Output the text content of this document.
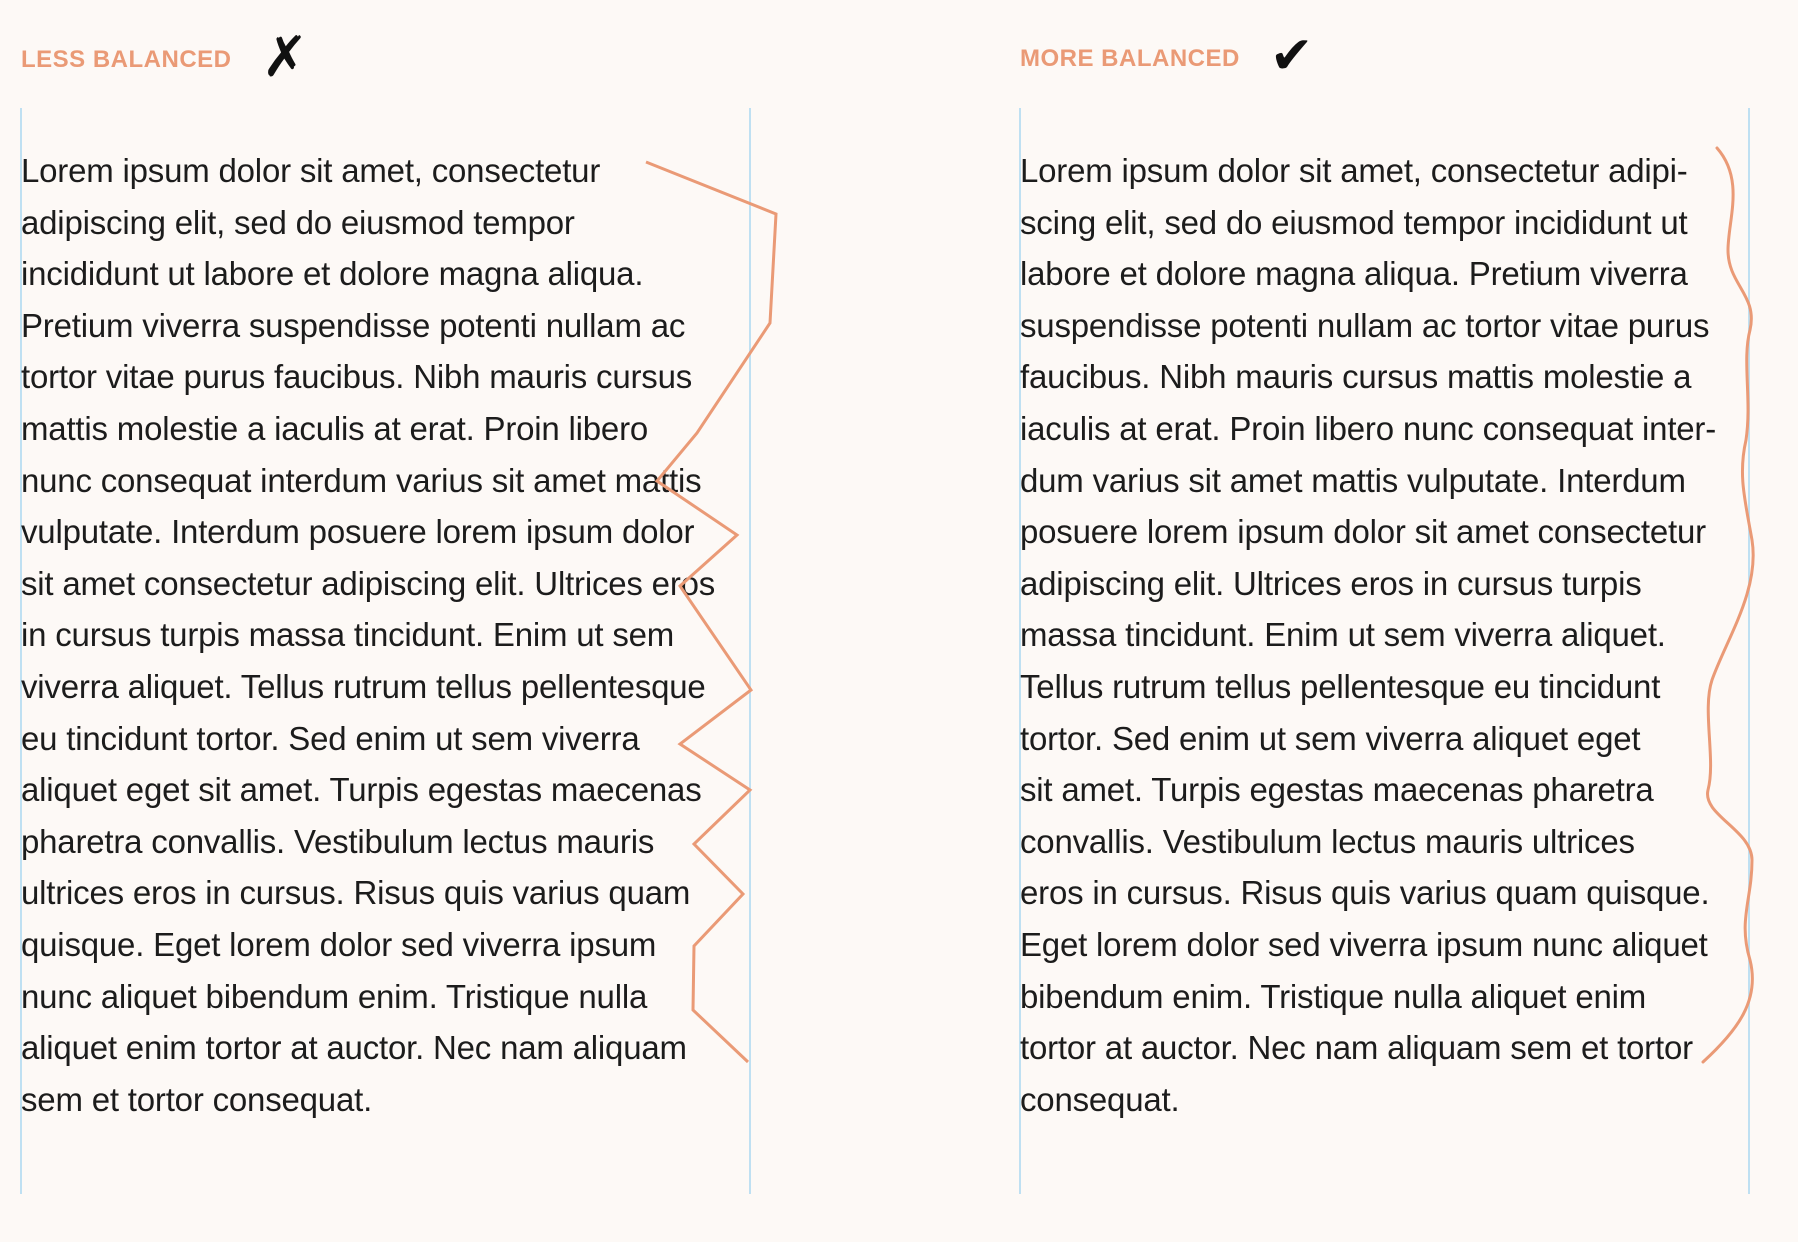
LESS BALANCED ✗

Lorem ipsum dolor sit amet, consectetur
adipiscing elit, sed do eiusmod tempor
incididunt ut labore et dolore magna aliqua.
Pretium viverra suspendisse potenti nullam ac
tortor vitae purus faucibus. Nibh mauris cursus
mattis molestie a iaculis at erat. Proin libero
nunc consequat interdum varius sit amet mattis
vulputate. Interdum posuere lorem ipsum dolor
sit amet consectetur adipiscing elit. Ultrices eros
in cursus turpis massa tincidunt. Enim ut sem
viverra aliquet. Tellus rutrum tellus pellentesque
eu tincidunt tortor. Sed enim ut sem viverra
aliquet eget sit amet. Turpis egestas maecenas
pharetra convallis. Vestibulum lectus mauris
ultrices eros in cursus. Risus quis varius quam
quisque. Eget lorem dolor sed viverra ipsum
nunc aliquet bibendum enim. Tristique nulla
aliquet enim tortor at auctor. Nec nam aliquam
sem et tortor consequat.

MORE BALANCED ✔

Lorem ipsum dolor sit amet, consectetur adipi-
scing elit, sed do eiusmod tempor incididunt ut
labore et dolore magna aliqua. Pretium viverra
suspendisse potenti nullam ac tortor vitae purus
faucibus. Nibh mauris cursus mattis molestie a
iaculis at erat. Proin libero nunc consequat inter-
dum varius sit amet mattis vulputate. Interdum
posuere lorem ipsum dolor sit amet consectetur
adipiscing elit. Ultrices eros in cursus turpis
massa tincidunt. Enim ut sem viverra aliquet.
Tellus rutrum tellus pellentesque eu tincidunt
tortor. Sed enim ut sem viverra aliquet eget
sit amet. Turpis egestas maecenas pharetra
convallis. Vestibulum lectus mauris ultrices
eros in cursus. Risus quis varius quam quisque.
Eget lorem dolor sed viverra ipsum nunc aliquet
bibendum enim. Tristique nulla aliquet enim
tortor at auctor. Nec nam aliquam sem et tortor
consequat.
